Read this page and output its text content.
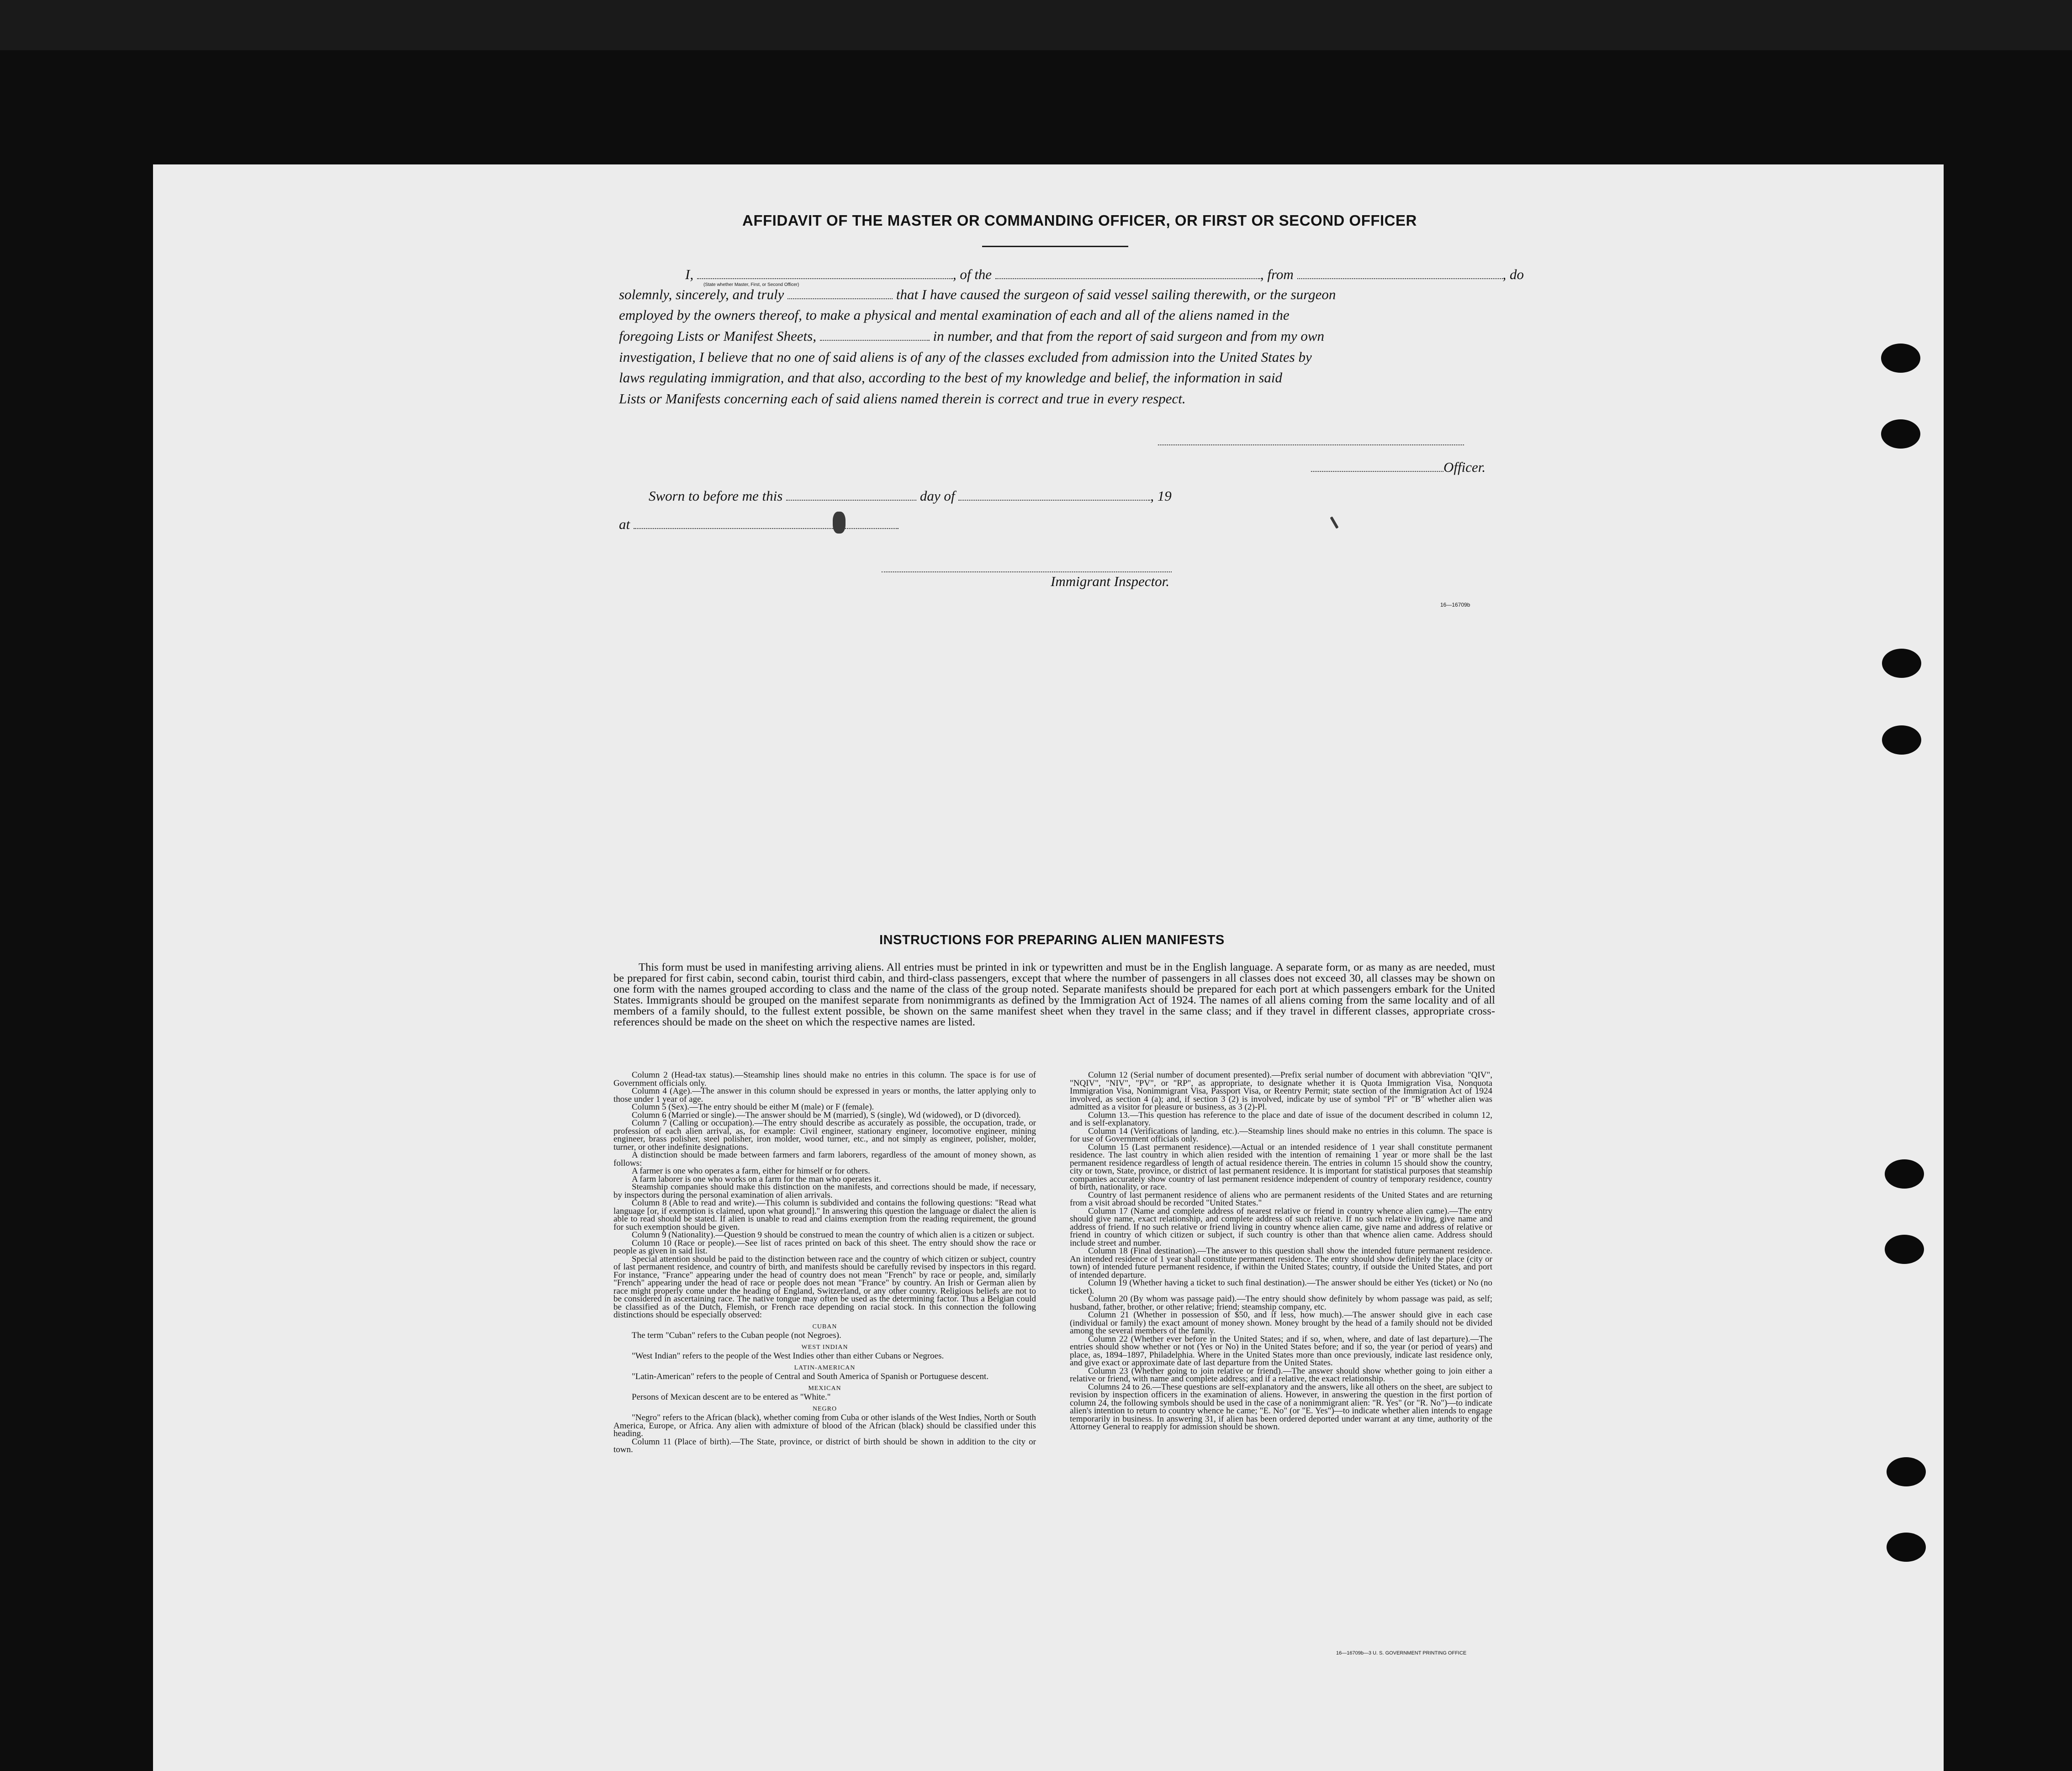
AFFIDAVIT OF THE MASTER OR COMMANDING OFFICER, OR FIRST OR SECOND OFFICER
I,	, of the	, from	, do
(State whether Master, First, or Second Officer)
solemnly, sincerely, and truly	that I have caused the surgeon of said vessel sailing therewith, or the surgeon
employed by the owners thereof, to make a physical and mental examination of each and all of the aliens named in the
foregoing Lists or Manifest Sheets,	in number, and that from the report of said surgeon and from my own
investigation, I believe that no one of said aliens is of any of the classes excluded from admission into the United States by
laws regulating immigration, and that also, according to the best of my knowledge and belief, the information in said
Lists or Manifests concerning each of said aliens named therein is correct and true in every respect.
Officer.
Sworn to before me this	day of	, 19
at
Immigrant Inspector.
16—16709b
INSTRUCTIONS FOR PREPARING ALIEN MANIFESTS
This form must be used in manifesting arriving aliens. All entries must be printed in ink or typewritten and must be in the English language. A separate form, or as many as are needed, must be prepared for first cabin, second cabin, tourist third cabin, and third-class passengers, except that where the number of passengers in all classes does not exceed 30, all classes may be shown on one form with the names grouped according to class and the name of the class of the group noted. Separate manifests should be prepared for each port at which passengers embark for the United States. Immigrants should be grouped on the manifest separate from nonimmigrants as defined by the Immigration Act of 1924. The names of all aliens coming from the same locality and of all members of a family should, to the fullest extent possible, be shown on the same manifest sheet when they travel in the same class; and if they travel in different classes, appropriate cross-references should be made on the sheet on which the respective names are listed.

Column 2 (Head-tax status).—Steamship lines should make no entries in this column. The space is for use of Government officials only.

Column 4 (Age).—The answer in this column should be expressed in years or months, the latter applying only to those under 1 year of age.

Column 5 (Sex).—The entry should be either M (male) or F (female).

Column 6 (Married or single).—The answer should be M (married), S (single), Wd (widowed), or D (divorced).

Column 7 (Calling or occupation).—The entry should describe as accurately as possible, the occupation, trade, or profession of each alien arrival, as, for example: Civil engineer, stationary engineer, locomotive engineer, mining engineer, brass polisher, steel polisher, iron molder, wood turner, etc., and not simply as engineer, polisher, molder, turner, or other indefinite designations.

A distinction should be made between farmers and farm laborers, regardless of the amount of money shown, as follows:

A farmer is one who operates a farm, either for himself or for others.

A farm laborer is one who works on a farm for the man who operates it.

Steamship companies should make this distinction on the manifests, and corrections should be made, if necessary, by inspectors during the personal examination of alien arrivals.

Column 8 (Able to read and write).—This column is subdivided and contains the following questions: "Read what language [or, if exemption is claimed, upon what ground]." In answering this question the language or dialect the alien is able to read should be stated. If alien is unable to read and claims exemption from the reading requirement, the ground for such exemption should be given.

Column 9 (Nationality).—Question 9 should be construed to mean the country of which alien is a citizen or subject.

Column 10 (Race or people).—See list of races printed on back of this sheet. The entry should show the race or people as given in said list.

Special attention should be paid to the distinction between race and the country of which citizen or subject, country of last permanent residence, and country of birth, and manifests should be carefully revised by inspectors in this regard. For instance, "France" appearing under the head of country does not mean "French" by race or people, and, similarly "French" appearing under the head of race or people does not mean "France" by country. An Irish or German alien by race might properly come under the heading of England, Switzerland, or any other country. Religious beliefs are not to be considered in ascertaining race. The native tongue may often be used as the determining factor. Thus a Belgian could be classified as of the Dutch, Flemish, or French race depending on racial stock. In this connection the following distinctions should be especially observed:

CUBAN

The term "Cuban" refers to the Cuban people (not Negroes).

WEST INDIAN

"West Indian" refers to the people of the West Indies other than either Cubans or Negroes.

LATIN-AMERICAN

"Latin-American" refers to the people of Central and South America of Spanish or Portuguese descent.

MEXICAN

Persons of Mexican descent are to be entered as "White."

NEGRO

"Negro" refers to the African (black), whether coming from Cuba or other islands of the West Indies, North or South America, Europe, or Africa. Any alien with admixture of blood of the African (black) should be classified under this heading.

Column 11 (Place of birth).—The State, province, or district of birth should be shown in addition to the city or town.

Column 12 (Serial number of document presented).—Prefix serial number of document with abbreviation "QIV", "NQIV", "NIV", "PV", or "RP", as appropriate, to designate whether it is Quota Immigration Visa, Nonquota Immigration Visa, Nonimmigrant Visa, Passport Visa, or Reentry Permit; state section of the Immigration Act of 1924 involved, as section 4 (a); and, if section 3 (2) is involved, indicate by use of symbol "Pl" or "B" whether alien was admitted as a visitor for pleasure or business, as 3 (2)-Pl.

Column 13.—This question has reference to the place and date of issue of the document described in column 12, and is self-explanatory.

Column 14 (Verifications of landing, etc.).—Steamship lines should make no entries in this column. The space is for use of Government officials only.

Column 15 (Last permanent residence).—Actual or an intended residence of 1 year shall constitute permanent residence. The last country in which alien resided with the intention of remaining 1 year or more shall be the last permanent residence regardless of length of actual residence therein. The entries in column 15 should show the country, city or town, State, province, or district of last permanent residence. It is important for statistical purposes that steamship companies accurately show country of last permanent residence independent of country of temporary residence, country of birth, nationality, or race.

Country of last permanent residence of aliens who are permanent residents of the United States and are returning from a visit abroad should be recorded "United States."

Column 17 (Name and complete address of nearest relative or friend in country whence alien came).—The entry should give name, exact relationship, and complete address of such relative. If no such relative living, give name and address of friend. If no such relative or friend living in country whence alien came, give name and address of relative or friend in country of which citizen or subject, if such country is other than that whence alien came. Address should include street and number.

Column 18 (Final destination).—The answer to this question shall show the intended future permanent residence. An intended residence of 1 year shall constitute permanent residence. The entry should show definitely the place (city or town) of intended future permanent residence, if within the United States; country, if outside the United States, and port of intended departure.

Column 19 (Whether having a ticket to such final destination).—The answer should be either Yes (ticket) or No (no ticket).

Column 20 (By whom was passage paid).—The entry should show definitely by whom passage was paid, as self; husband, father, brother, or other relative; friend; steamship company, etc.

Column 21 (Whether in possession of $50, and if less, how much).—The answer should give in each case (individual or family) the exact amount of money shown. Money brought by the head of a family should not be divided among the several members of the family.

Column 22 (Whether ever before in the United States; and if so, when, where, and date of last departure).—The entries should show whether or not (Yes or No) in the United States before; and if so, the year (or period of years) and place, as, 1894–1897, Philadelphia. Where in the United States more than once previously, indicate last residence only, and give exact or approximate date of last departure from the United States.

Column 23 (Whether going to join relative or friend).—The answer should show whether going to join either a relative or friend, with name and complete address; and if a relative, the exact relationship.

Columns 24 to 26.—These questions are self-explanatory and the answers, like all others on the sheet, are subject to revision by inspection officers in the examination of aliens. However, in answering the question in the first portion of column 24, the following symbols should be used in the case of a nonimmigrant alien: "R. Yes" (or "R. No")—to indicate alien's intention to return to country whence he came; "E. No" (or "E. Yes")—to indicate whether alien intends to engage temporarily in business. In answering 31, if alien has been ordered deported under warrant at any time, authority of the Attorney General to reapply for admission should be shown.

16—16709b—3 U. S. GOVERNMENT PRINTING OFFICE
